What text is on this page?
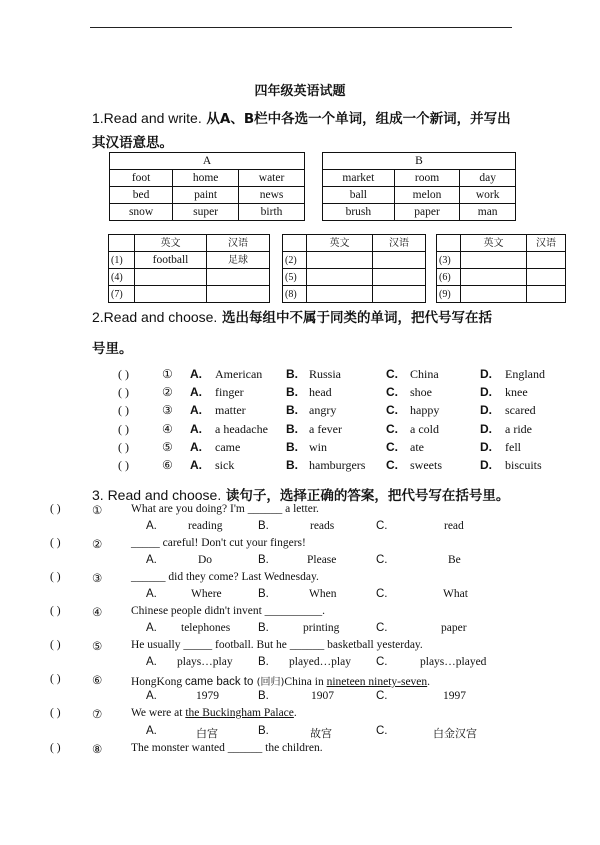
四年级英语试题
1.Read and write. 从A、B栏中各选一个单词，组成一个新词，并写出
其汉语意思。
A		
foot	home	water
bed	paint	news
snow	super	birth
B		
market	room	day
ball	melon	work
brush	paper	man
	英文	汉语
(1)	football	足球
(4)		
(7)		
	英文	汉语
(2)		
(5)		
(8)		
	英文	汉语
(3)		
(6)		
(9)		
2.Read and choose. 选出每组中不属于同类的单词，把代号写在括
号里。
( )	① A. American B. Russia	C. China	D. England
( )	② A. finger	B. head	C. shoe	D. knee
( )	③ A. matter	B. angry	C. happy	D. scared
( )	④ A. a headache B. a fever	C. a cold	D. a ride
( )	⑤ A. came	B. win	C. ate	D. fell
( )	⑥ A. sick	B. hamburgers C. sweets	D. biscuits
3. Read and choose. 读句子，选择正确的答案，把代号写在括号里。
( )	① What are you doing? I'm ______ a letter.
A.	reading	B.	reads	C.	read
( )	② _____ careful! Don't cut your fingers!
A.	Do	B.	Please	C.	Be
( )	③ ______ did they come? Last Wednesday.
A.	Where	B.	When	C.	What
( )	④ Chinese people didn't invent __________.
A. telephones B.	printing	C.	paper
( )	⑤ He usually _____ football. But he ______ basketball yesterday.
A. plays…play B. played…play C.	plays…played
( )	⑥ HongKong came back to (回归)China in nineteen ninety-seven.
A.	1979	B.	1907	C.	1997
( )	⑦ We were at the Buckingham Palace.
A.	白宫	B.	故宫	C.	白金汉宫
( )	⑧ The monster wanted ______ the children.
